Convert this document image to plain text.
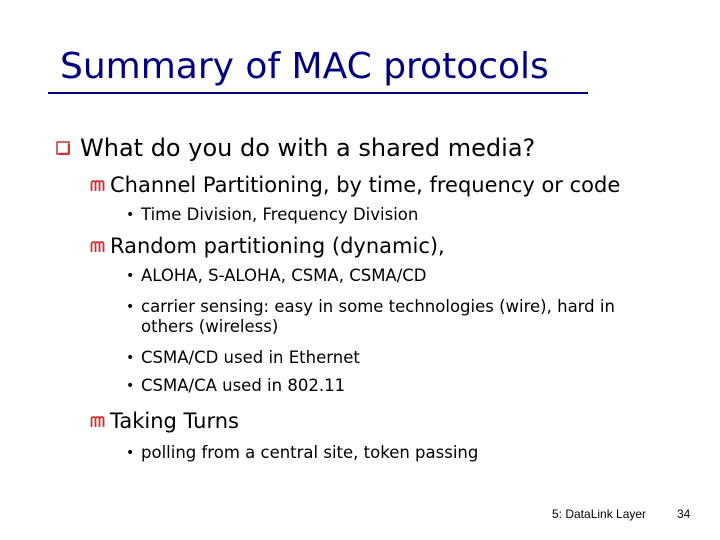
Summary of MAC protocols
What do you do with a shared media?
Channel Partitioning, by time, frequency or code
• Time Division, Frequency Division
Random partitioning (dynamic),
• ALOHA, S-ALOHA, CSMA, CSMA/CD
• carrier sensing: easy in some technologies (wire), hard in others (wireless)
• CSMA/CD used in Ethernet
• CSMA/CA used in 802.11
Taking Turns
• polling from a central site, token passing
5: DataLink Layer	34
